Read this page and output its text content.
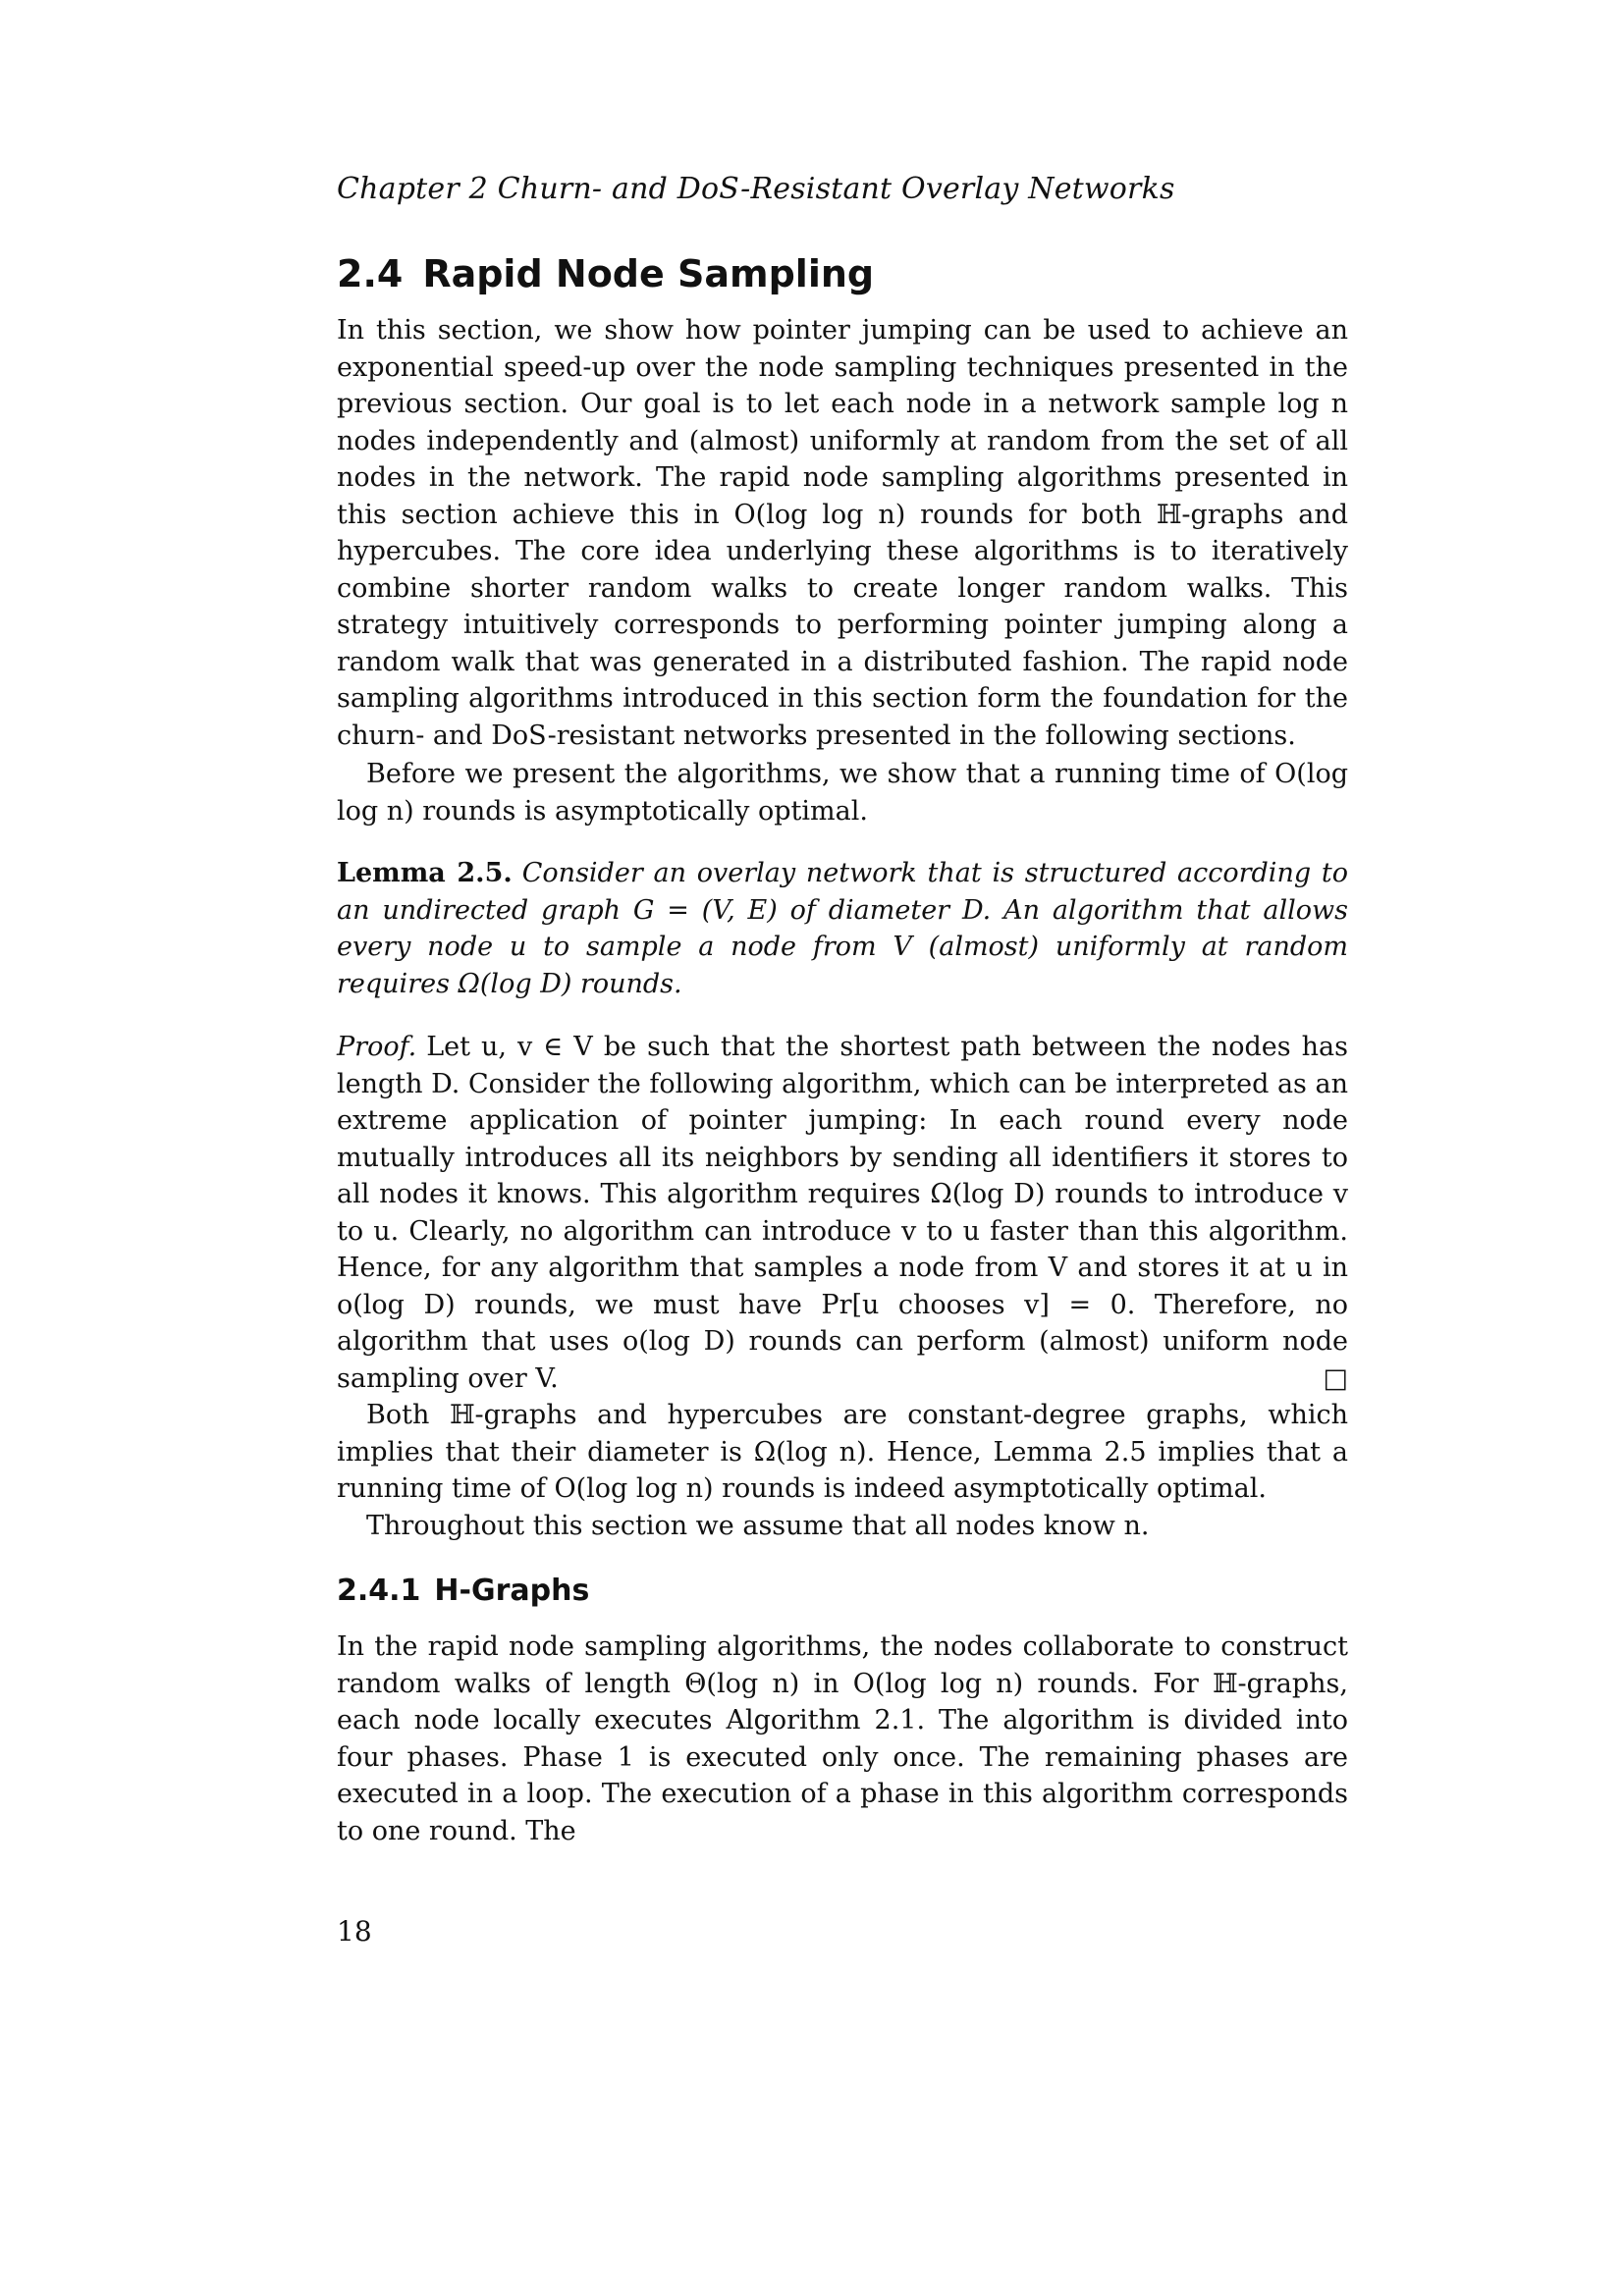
Chapter 2 Churn- and DoS-Resistant Overlay Networks
2.4 Rapid Node Sampling

In this section, we show how pointer jumping can be used to achieve an exponential speed-up over the node sampling techniques presented in the previous section. Our goal is to let each node in a network sample log n nodes independently and (almost) uniformly at random from the set of all nodes in the network. The rapid node sampling algorithms presented in this section achieve this in O(log log n) rounds for both ℍ-graphs and hypercubes. The core idea underlying these algorithms is to iteratively combine shorter random walks to create longer random walks. This strategy intuitively corresponds to performing pointer jumping along a random walk that was generated in a distributed fashion. The rapid node sampling algorithms introduced in this section form the foundation for the churn- and DoS-resistant networks presented in the following sections.

Before we present the algorithms, we show that a running time of O(log log n) rounds is asymptotically optimal.

Lemma 2.5. Consider an overlay network that is structured according to an undirected graph G = (V, E) of diameter D. An algorithm that allows every node u to sample a node from V (almost) uniformly at random requires Ω(log D) rounds.

Proof. Let u, v ∈ V be such that the shortest path between the nodes has length D. Consider the following algorithm, which can be interpreted as an extreme application of pointer jumping: In each round every node mutually introduces all its neighbors by sending all identifiers it stores to all nodes it knows. This algorithm requires Ω(log D) rounds to introduce v to u. Clearly, no algorithm can introduce v to u faster than this algorithm. Hence, for any algorithm that samples a node from V and stores it at u in o(log D) rounds, we must have Pr[u chooses v] = 0. Therefore, no algorithm that uses o(log D) rounds can perform (almost) uniform node sampling over V.	□

Both ℍ-graphs and hypercubes are constant-degree graphs, which implies that their diameter is Ω(log n). Hence, Lemma 2.5 implies that a running time of O(log log n) rounds is indeed asymptotically optimal.

Throughout this section we assume that all nodes know n.

2.4.1 H-Graphs

In the rapid node sampling algorithms, the nodes collaborate to construct random walks of length Θ(log n) in O(log log n) rounds. For ℍ-graphs, each node locally executes Algorithm 2.1. The algorithm is divided into four phases. Phase 1 is executed only once. The remaining phases are executed in a loop. The execution of a phase in this algorithm corresponds to one round. The

18
